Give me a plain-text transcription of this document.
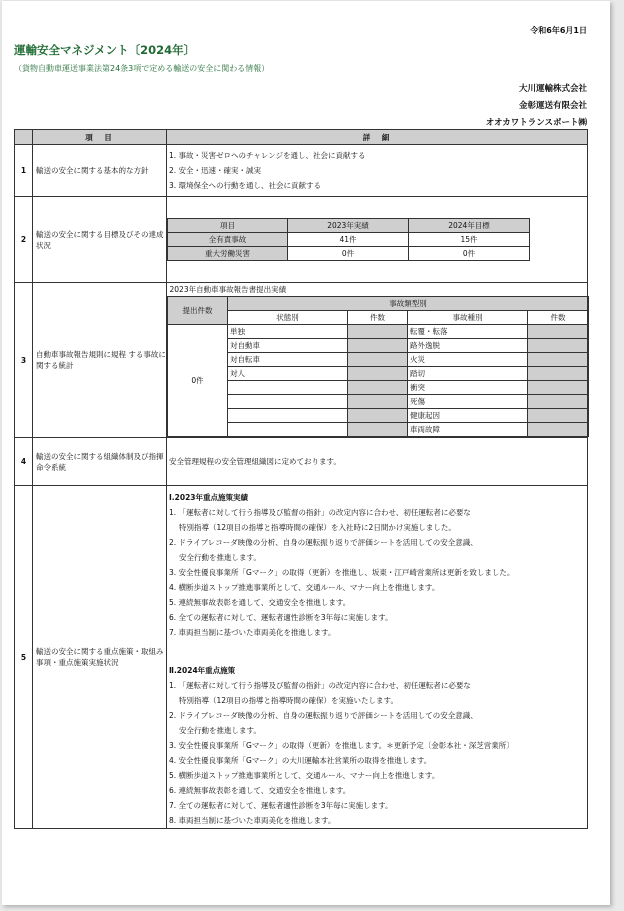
令和6年6月1日
運輸安全マネジメント〔2024年〕
（貨物自動車運送事業法第24条3項で定める輸送の安全に関わる情報）
大川運輸株式会社
金彰運送有限会社
オオカワトランスポート㈱
	項　目	詳　細
1	輸送の安全に関する基本的な方針	
1. 事故・災害ゼロへのチャレンジを通し、社会に貢献する
2. 安全・迅速・確実・誠実
3. 環境保全への行動を通し、社会に貢献する

2	輸送の安全に関する目標及びその達成状況	
項目	2023年実績	2024年目標
全有責事故	41件	15件
重大労働災害	0件	0件

3	自動車事故報告規則に規程 する事故に関する統計	
2023年自動車事故報告書提出実績
提出件数	事故類型別
状態別	件数	事故種別	件数
0件	単独		転覆・転落	
対自動車		路外逸脱	
対自転車		火災	
対人		踏切	
		衝突	
		死傷	
		健康起因	
		車両故障	

4	輸送の安全に関する組織体制及び指揮命令系統	安全管理規程の安全管理組織図に定めております。
5	輸送の安全に関する重点施策・取組み事項・重点施策実施状況	
Ⅰ.2023年重点施策実績
1. 「運転者に対して行う指導及び監督の指針」の改定内容に合わせ、初任運転者に必要な
特別指導（12項目の指導と指導時間の確保）を入社時に2日間かけ実施しました。
2. ドライブレコーダ映像の分析、自身の運転振り返りで評価シートを活用しての安全意識、
安全行動を推進します。
3. 安全性優良事業所「Gマーク」の取得（更新）を推進し、坂東・江戸崎営業所は更新を致しました。
4. 横断歩道ストップ推進事業所として、交通ルール、マナー向上を推進します。
5. 連続無事故表彰を通して、交通安全を推進します。
6. 全ての運転者に対して、運転者適性診断を3年毎に実施します。
7. 車両担当制に基づいた車両美化を推進します。
Ⅱ.2024年重点施策
1. 「運転者に対して行う指導及び監督の指針」の改定内容に合わせ、初任運転者に必要な
特別指導（12項目の指導と指導時間の確保）を実施いたします。
2. ドライブレコーダ映像の分析、自身の運転振り返りで評価シートを活用しての安全意識、
安全行動を推進します。
3. 安全性優良事業所「Gマーク」の取得（更新）を推進します。＊更新予定〔金彰本社・深芝営業所〕
4. 安全性優良事業所「Gマーク」の大川運輸本社営業所の取得を推進します。
5. 横断歩道ストップ推進事業所として、交通ルール、マナー向上を推進します。
6. 連続無事故表彰を通して、交通安全を推進します。
7. 全ての運転者に対して、運転者適性診断を3年毎に実施します。
8. 車両担当制に基づいた車両美化を推進します。
